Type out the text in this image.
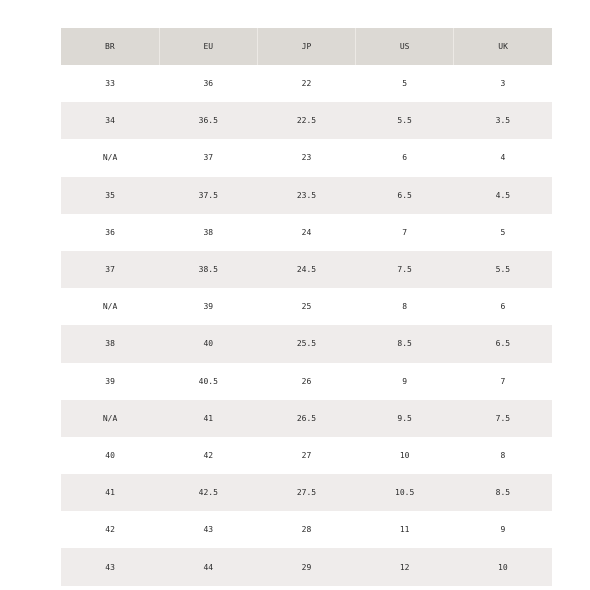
BR	EU	JP	US	UK
33	36	22	5	3
34	36.5	22.5	5.5	3.5
N/A	37	23	6	4
35	37.5	23.5	6.5	4.5
36	38	24	7	5
37	38.5	24.5	7.5	5.5
N/A	39	25	8	6
38	40	25.5	8.5	6.5
39	40.5	26	9	7
N/A	41	26.5	9.5	7.5
40	42	27	10	8
41	42.5	27.5	10.5	8.5
42	43	28	11	9
43	44	29	12	10
